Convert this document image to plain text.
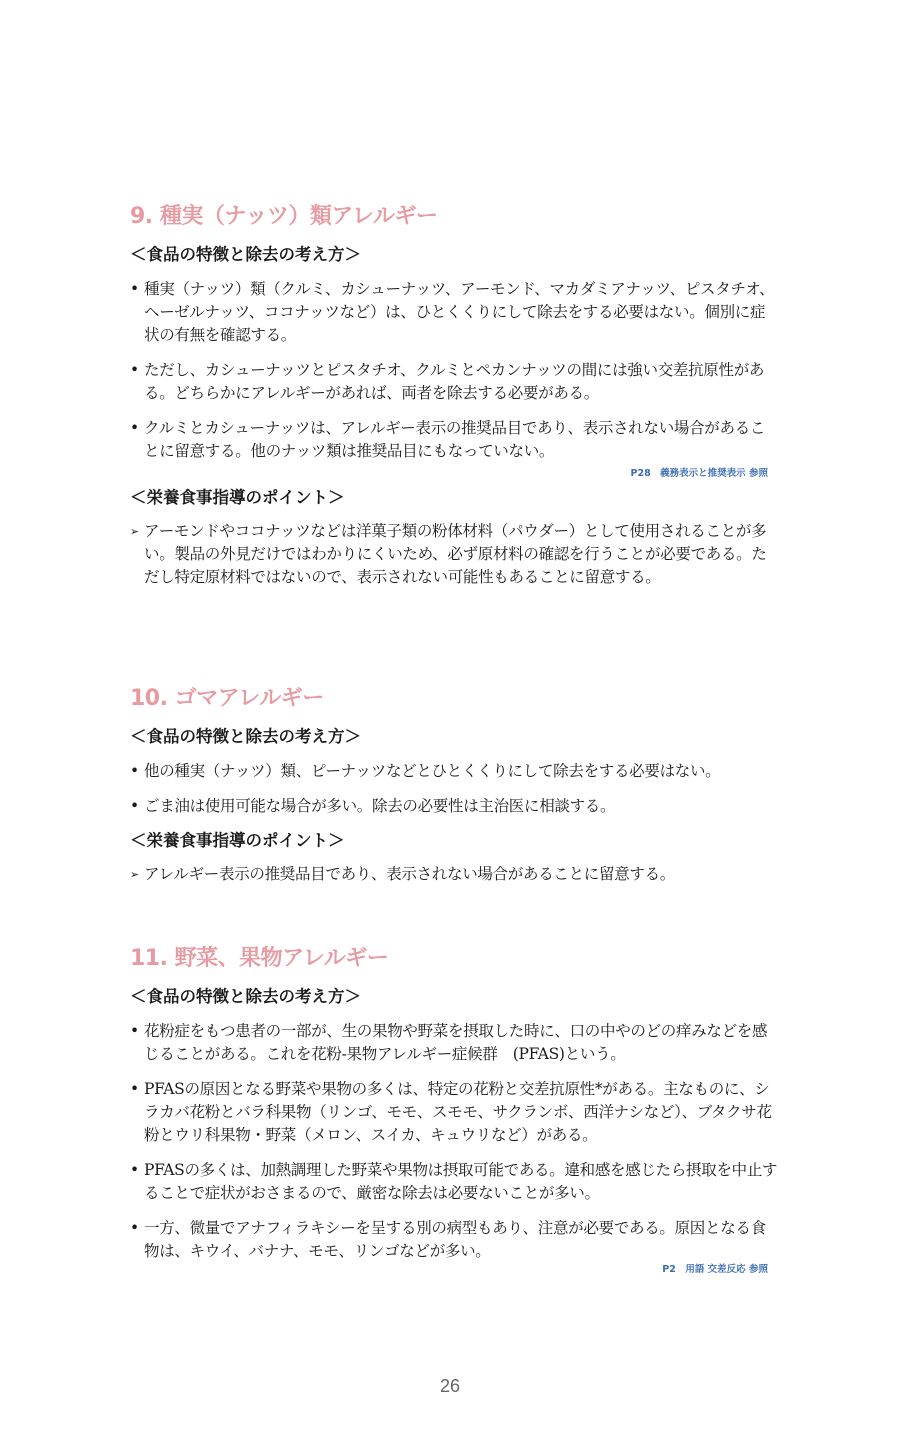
9. 種実（ナッツ）類アレルギー
＜食品の特徴と除去の考え方＞
• 種実（ナッツ）類（クルミ、カシューナッツ、アーモンド、マカダミアナッツ、ピスタチオ、ヘーゼルナッツ、ココナッツなど）は、ひとくくりにして除去をする必要はない。個別に症状の有無を確認する。
• ただし、カシューナッツとピスタチオ、クルミとペカンナッツの間には強い交差抗原性がある。どちらかにアレルギーがあれば、両者を除去する必要がある。
• クルミとカシューナッツは、アレルギー表示の推奨品目であり、表示されない場合があることに留意する。他のナッツ類は推奨品目にもなっていない。
P28　義務表示と推奨表示 参照
＜栄養食事指導のポイント＞
➢ アーモンドやココナッツなどは洋菓子類の粉体材料（パウダー）として使用されることが多い。製品の外見だけではわかりにくいため、必ず原材料の確認を行うことが必要である。ただし特定原材料ではないので、表示されない可能性もあることに留意する。
10. ゴマアレルギー
＜食品の特徴と除去の考え方＞
• 他の種実（ナッツ）類、ピーナッツなどとひとくくりにして除去をする必要はない。
• ごま油は使用可能な場合が多い。除去の必要性は主治医に相談する。
＜栄養食事指導のポイント＞
➢ アレルギー表示の推奨品目であり、表示されない場合があることに留意する。
11. 野菜、果物アレルギー
＜食品の特徴と除去の考え方＞
• 花粉症をもつ患者の一部が、生の果物や野菜を摂取した時に、口の中やのどの痒みなどを感じることがある。これを花粉-果物アレルギー症候群　(PFAS)という。
• PFASの原因となる野菜や果物の多くは、特定の花粉と交差抗原性*がある。主なものに、シラカバ花粉とバラ科果物（リンゴ、モモ、スモモ、サクランボ、西洋ナシなど）、ブタクサ花粉とウリ科果物・野菜（メロン、スイカ、キュウリなど）がある。
• PFASの多くは、加熱調理した野菜や果物は摂取可能である。違和感を感じたら摂取を中止することで症状がおさまるので、厳密な除去は必要ないことが多い。
• 一方、微量でアナフィラキシーを呈する別の病型もあり、注意が必要である。原因となる食物は、キウイ、バナナ、モモ、リンゴなどが多い。
P2　用語 交差反応 参照
26
